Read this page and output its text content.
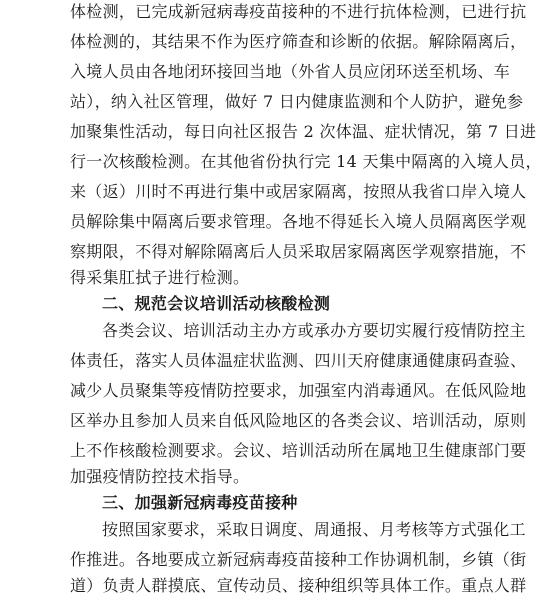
体检测，已完成新冠病毒疫苗接种的不进行抗体检测，已进行抗
体检测的，其结果不作为医疗筛查和诊断的依据。解除隔离后，
入境人员由各地闭环接回当地（外省人员应闭环送至机场、车
站），纳入社区管理，做好 7 日内健康监测和个人防护，避免参
加聚集性活动，每日向社区报告 2 次体温、症状情况，第 7 日进
行一次核酸检测。在其他省份执行完 14 天集中隔离的入境人员，
来（返）川时不再进行集中或居家隔离，按照从我省口岸入境人
员解除集中隔离后要求管理。各地不得延长入境人员隔离医学观
察期限，不得对解除隔离后人员采取居家隔离医学观察措施，不
得采集肛拭子进行检测。
二、规范会议培训活动核酸检测
各类会议、培训活动主办方或承办方要切实履行疫情防控主
体责任，落实人员体温症状监测、四川天府健康通健康码查验、
减少人员聚集等疫情防控要求，加强室内消毒通风。在低风险地
区举办且参加人员来自低风险地区的各类会议、培训活动，原则
上不作核酸检测要求。会议、培训活动所在属地卫生健康部门要
加强疫情防控技术指导。
三、加强新冠病毒疫苗接种
按照国家要求，采取日调度、周通报、月考核等方式强化工
作推进。各地要成立新冠病毒疫苗接种工作协调机制，乡镇（街
道）负责人群摸底、宣传动员、接种组织等具体工作。重点人群
